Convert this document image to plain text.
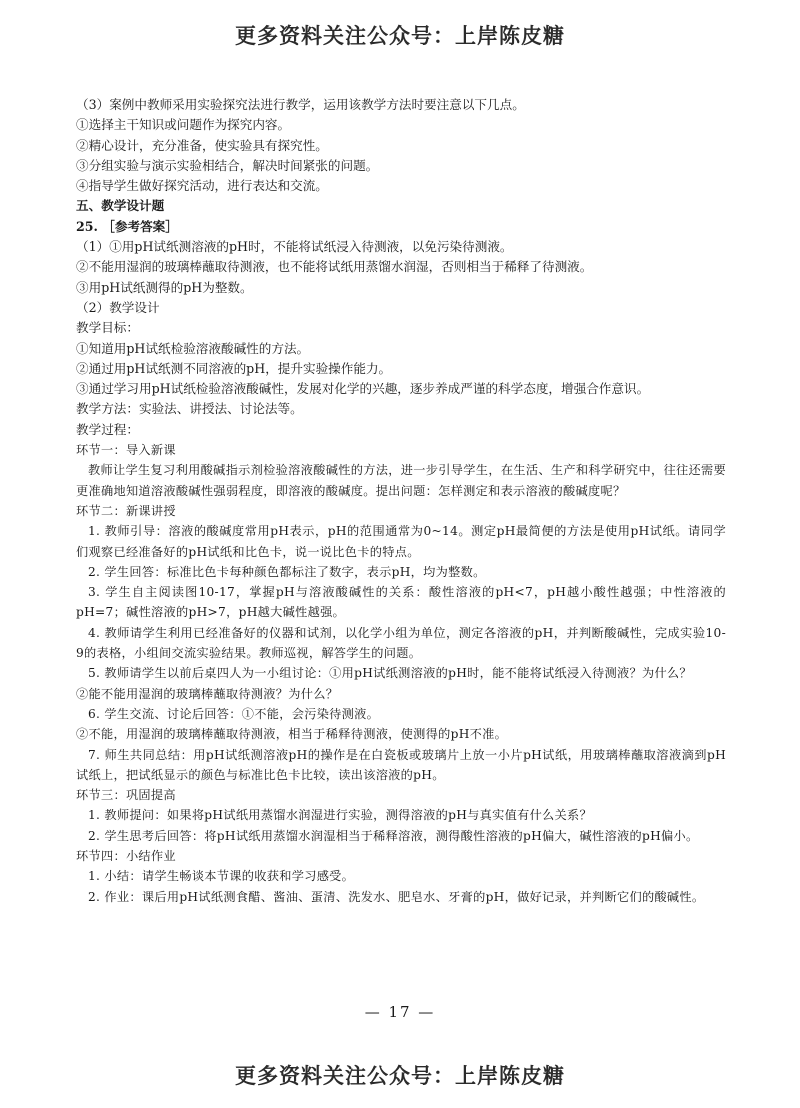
更多资料关注公众号：上岸陈皮糖
（3）案例中教师采用实验探究法进行教学，运用该教学方法时要注意以下几点。
①选择主干知识或问题作为探究内容。
②精心设计，充分准备，使实验具有探究性。
③分组实验与演示实验相结合，解决时间紧张的问题。
④指导学生做好探究活动，进行表达和交流。
五、教学设计题
25. ［参考答案］
（1）①用pH试纸测溶液的pH时，不能将试纸浸入待测液，以免污染待测液。
②不能用湿润的玻璃棒蘸取待测液，也不能将试纸用蒸馏水润湿，否则相当于稀释了待测液。
③用pH试纸测得的pH为整数。
（2）教学设计
教学目标：
①知道用pH试纸检验溶液酸碱性的方法。
②通过用pH试纸测不同溶液的pH，提升实验操作能力。
③通过学习用pH试纸检验溶液酸碱性，发展对化学的兴趣，逐步养成严谨的科学态度，增强合作意识。
教学方法：实验法、讲授法、讨论法等。
教学过程：
环节一：导入新课
教师让学生复习利用酸碱指示剂检验溶液酸碱性的方法，进一步引导学生，在生活、生产和科学研究中，往往还需要更准确地知道溶液酸碱性强弱程度，即溶液的酸碱度。提出问题：怎样测定和表示溶液的酸碱度呢？
环节二：新课讲授
1. 教师引导：溶液的酸碱度常用pH表示，pH的范围通常为0~14。测定pH最简便的方法是使用pH试纸。请同学们观察已经准备好的pH试纸和比色卡，说一说比色卡的特点。
2. 学生回答：标准比色卡每种颜色都标注了数字，表示pH，均为整数。
3. 学生自主阅读图10-17，掌握pH与溶液酸碱性的关系：酸性溶液的pH<7，pH越小酸性越强；中性溶液的pH=7；碱性溶液的pH>7，pH越大碱性越强。
4. 教师请学生利用已经准备好的仪器和试剂，以化学小组为单位，测定各溶液的pH，并判断酸碱性，完成实验10-9的表格，小组间交流实验结果。教师巡视，解答学生的问题。
5. 教师请学生以前后桌四人为一小组讨论：①用pH试纸测溶液的pH时，能不能将试纸浸入待测液？为什么？
②能不能用湿润的玻璃棒蘸取待测液？为什么？
6. 学生交流、讨论后回答：①不能，会污染待测液。
②不能，用湿润的玻璃棒蘸取待测液，相当于稀释待测液，使测得的pH不准。
7. 师生共同总结：用pH试纸测溶液pH的操作是在白瓷板或玻璃片上放一小片pH试纸，用玻璃棒蘸取溶液滴到pH试纸上，把试纸显示的颜色与标准比色卡比较，读出该溶液的pH。
环节三：巩固提高
1. 教师提问：如果将pH试纸用蒸馏水润湿进行实验，测得溶液的pH与真实值有什么关系？
2. 学生思考后回答：将pH试纸用蒸馏水润湿相当于稀释溶液，测得酸性溶液的pH偏大，碱性溶液的pH偏小。
环节四：小结作业
1. 小结：请学生畅谈本节课的收获和学习感受。
2. 作业：课后用pH试纸测食醋、酱油、蛋清、洗发水、肥皂水、牙膏的pH，做好记录，并判断它们的酸碱性。
— 17 —
更多资料关注公众号：上岸陈皮糖
